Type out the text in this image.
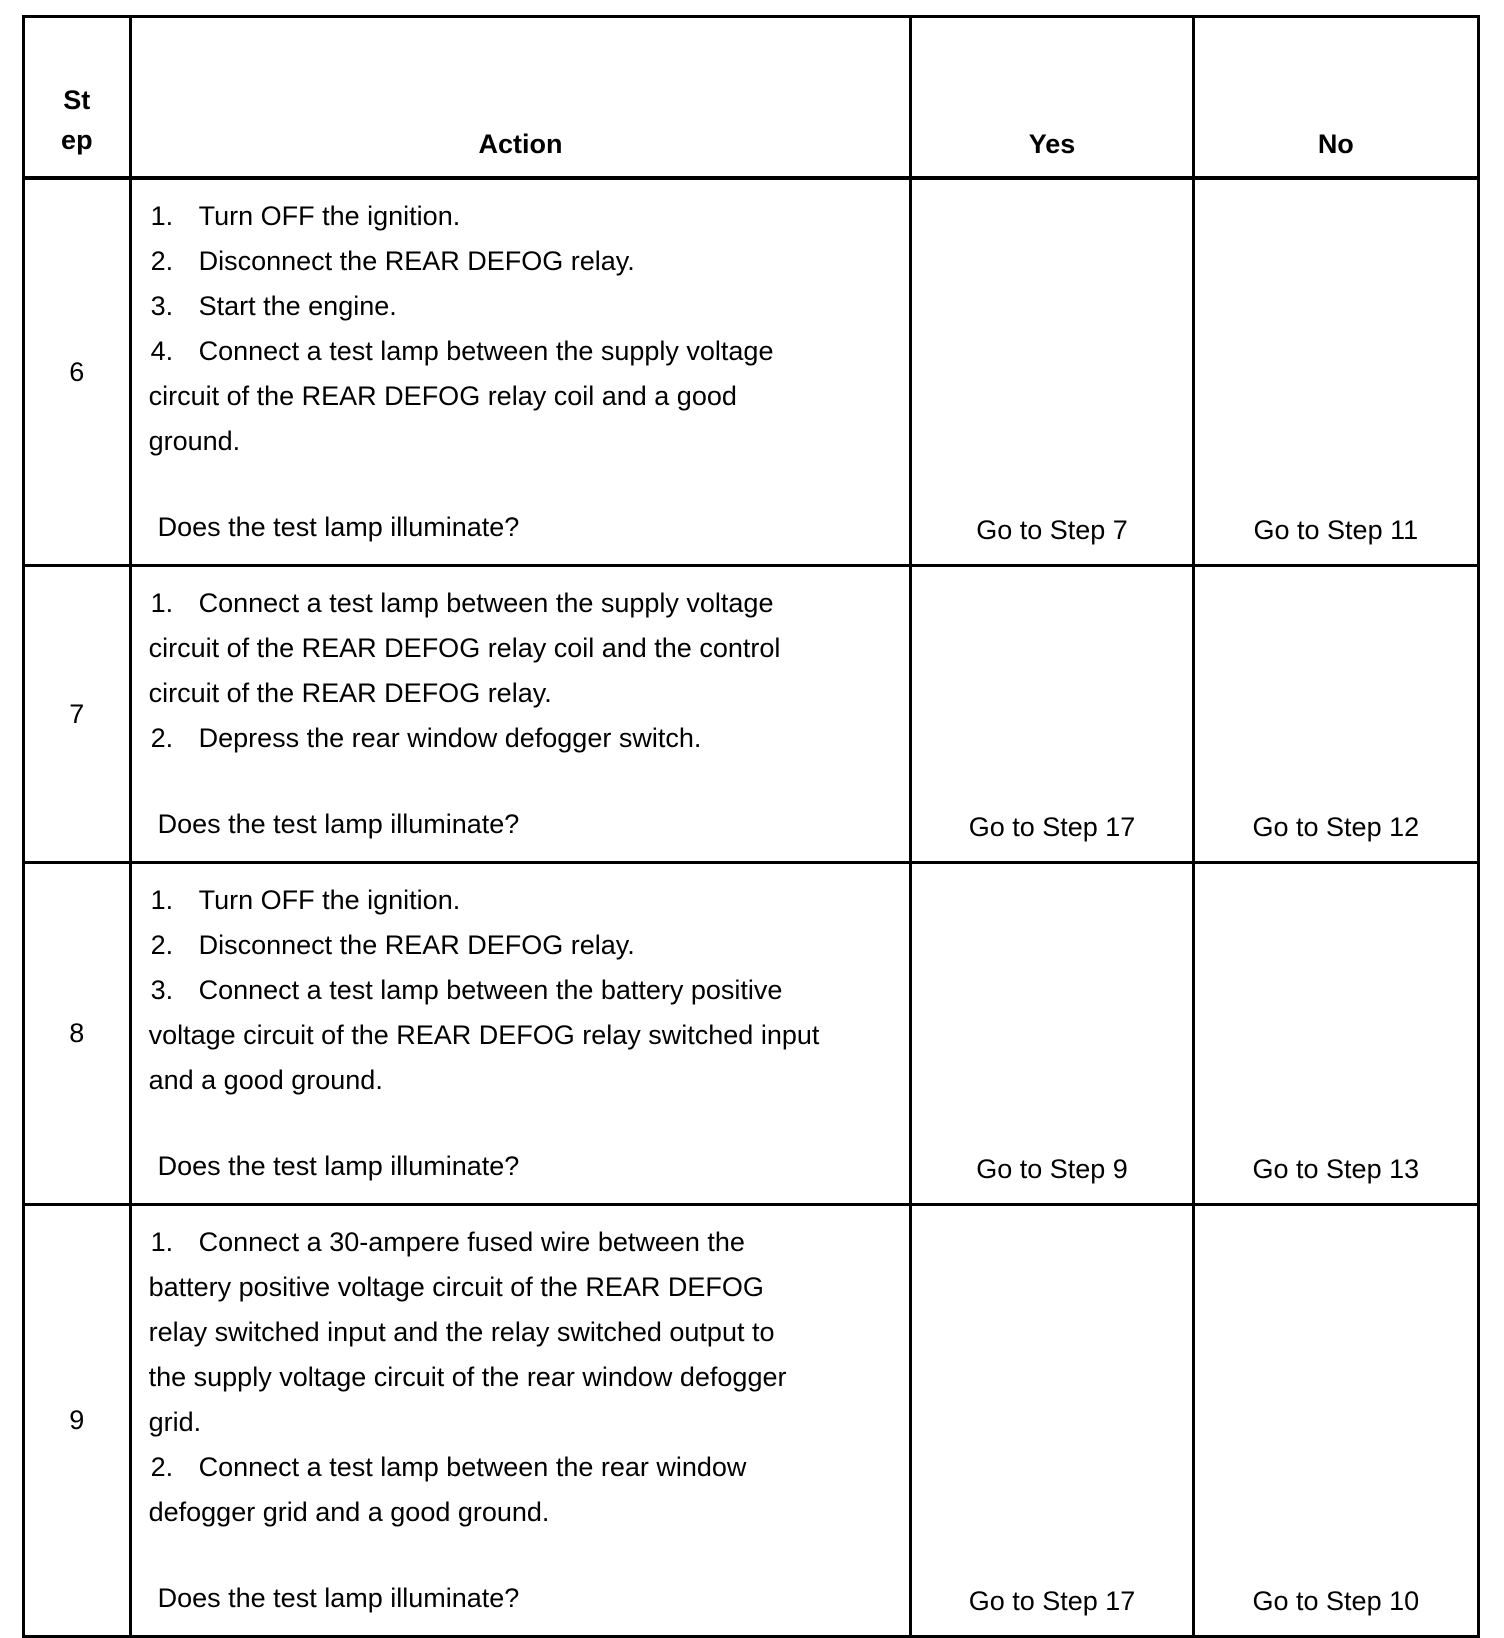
St
ep	Action	Yes	No
6	1. Turn OFF the ignition.
2. Disconnect the REAR DEFOG relay.
3. Start the engine.
4. Connect a test lamp between the supply voltage circuit of the REAR DEFOG relay coil and a good ground.
Does the test lamp illuminate?	Go to Step 7	Go to Step 11
7	1. Connect a test lamp between the supply voltage circuit of the REAR DEFOG relay coil and the control circuit of the REAR DEFOG relay.
2. Depress the rear window defogger switch.
Does the test lamp illuminate?	Go to Step 17	Go to Step 12
8	1. Turn OFF the ignition.
2. Disconnect the REAR DEFOG relay.
3. Connect a test lamp between the battery positive voltage circuit of the REAR DEFOG relay switched input and a good ground.
Does the test lamp illuminate?	Go to Step 9	Go to Step 13
9	1. Connect a 30-ampere fused wire between the battery positive voltage circuit of the REAR DEFOG relay switched input and the relay switched output to the supply voltage circuit of the rear window defogger grid.
2. Connect a test lamp between the rear window defogger grid and a good ground.
Does the test lamp illuminate?	Go to Step 17	Go to Step 10
